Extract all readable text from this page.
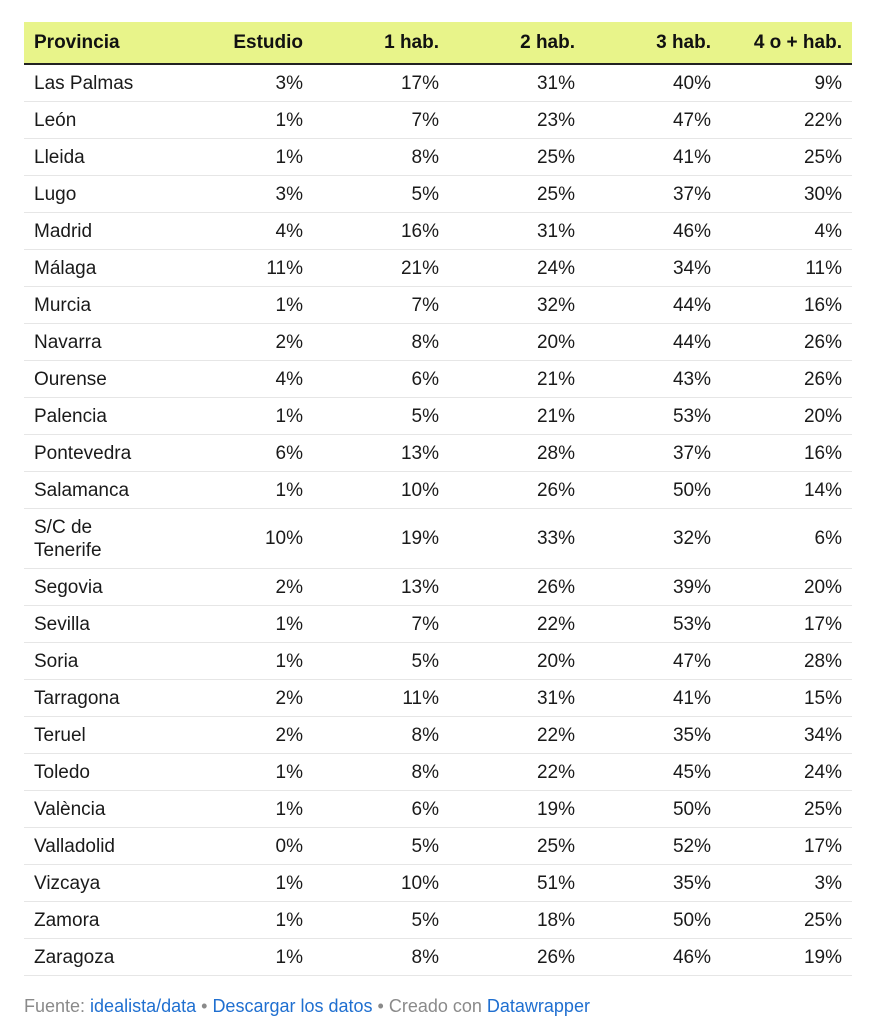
Provincia	Estudio	1 hab.	2 hab.	3 hab.	4 o + hab.
Las Palmas	3%	17%	31%	40%	9%
León	1%	7%	23%	47%	22%
Lleida	1%	8%	25%	41%	25%
Lugo	3%	5%	25%	37%	30%
Madrid	4%	16%	31%	46%	4%
Málaga	11%	21%	24%	34%	11%
Murcia	1%	7%	32%	44%	16%
Navarra	2%	8%	20%	44%	26%
Ourense	4%	6%	21%	43%	26%
Palencia	1%	5%	21%	53%	20%
Pontevedra	6%	13%	28%	37%	16%
Salamanca	1%	10%	26%	50%	14%
S/C de
Tenerife	10%	19%	33%	32%	6%
Segovia	2%	13%	26%	39%	20%
Sevilla	1%	7%	22%	53%	17%
Soria	1%	5%	20%	47%	28%
Tarragona	2%	11%	31%	41%	15%
Teruel	2%	8%	22%	35%	34%
Toledo	1%	8%	22%	45%	24%
València	1%	6%	19%	50%	25%
Valladolid	0%	5%	25%	52%	17%
Vizcaya	1%	10%	51%	35%	3%
Zamora	1%	5%	18%	50%	25%
Zaragoza	1%	8%	26%	46%	19%
Fuente: idealista/data • Descargar los datos • Creado con Datawrapper
